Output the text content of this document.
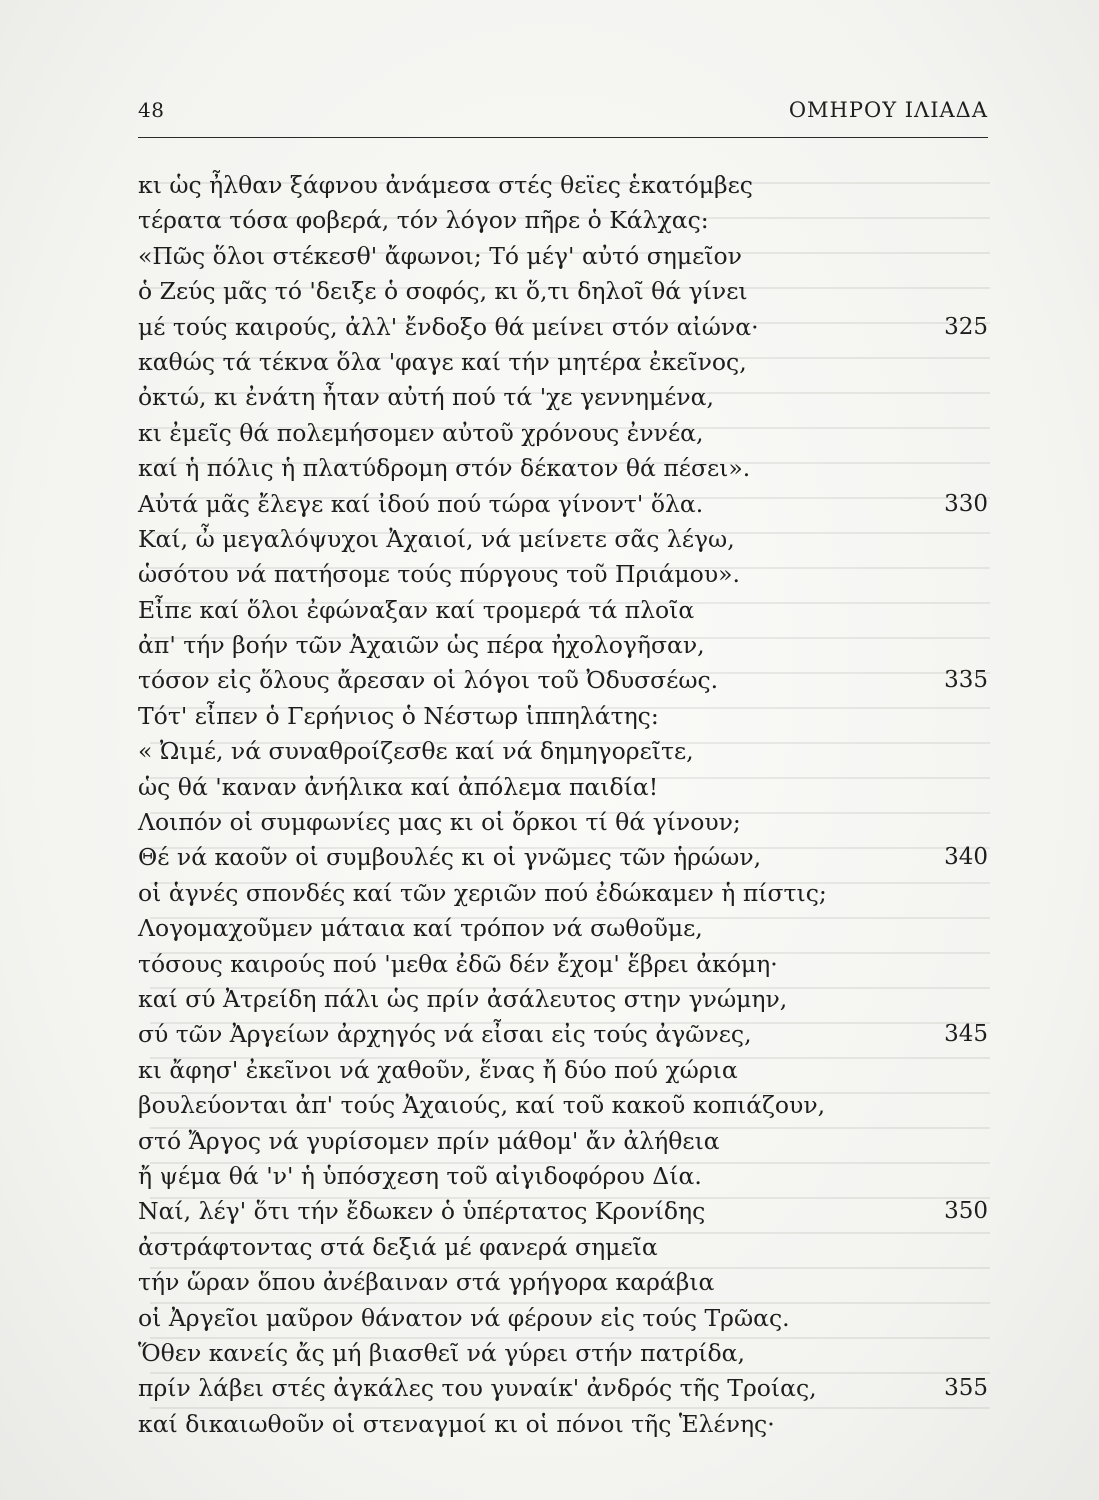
48	ΟΜΗΡΟΥ ΙΛΙΑΔΑ
κι ὡς ἦλθαν ξάφνου ἀνάμεσα στές θεϊες ἑκατόμβες
τέρατα τόσα φοβερά, τόν λόγον πῆρε ὁ Κάλχας:
«Πῶς ὅλοι στέκεσθ' ἄφωνοι; Τό μέγ' αὐτό σημεῖον
ὁ Ζεύς μᾶς τό 'δειξε ὁ σοφός, κι ὅ,τι δηλοῖ θά γίνει
μέ τούς καιρούς, ἀλλ' ἔνδοξο θά μείνει στόν αἰώνα·	325
καθώς τά τέκνα ὅλα 'φαγε καί τήν μητέρα ἐκεῖνος,
ὀκτώ, κι ἐνάτη ἦταν αὐτή πού τά 'χε γεννημένα,
κι ἐμεῖς θά πολεμήσομεν αὐτοῦ χρόνους ἐννέα,
καί ἡ πόλις ἡ πλατύδρομη στόν δέκατον θά πέσει».
Αὐτά μᾶς ἔλεγε καί ἰδού πού τώρα γίνοντ' ὅλα.	330
Καί, ὦ μεγαλόψυχοι Ἀχαιοί, νά μείνετε σᾶς λέγω,
ὡσότου νά πατήσομε τούς πύργους τοῦ Πριάμου».
Εἶπε καί ὅλοι ἐφώναξαν καί τρομερά τά πλοῖα
ἀπ' τήν βοήν τῶν Ἀχαιῶν ὡς πέρα ἠχολογῆσαν,
τόσον εἰς ὅλους ἄρεσαν οἱ λόγοι τοῦ Ὀδυσσέως.	335
Τότ' εἶπεν ὁ Γερήνιος ὁ Νέστωρ ἱππηλάτης:
« Ὠιμέ, νά συναθροίζεσθε καί νά δημηγορεῖτε,
ὡς θά 'καναν ἀνήλικα καί ἀπόλεμα παιδία!
Λοιπόν οἱ συμφωνίες μας κι οἱ ὅρκοι τί θά γίνουν;
Θέ νά καοῦν οἱ συμβουλές κι οἱ γνῶμες τῶν ἡρώων,	340
οἱ ἁγνές σπονδές καί τῶν χεριῶν πού ἐδώκαμεν ἡ πίστις;
Λογομαχοῦμεν μάταια καί τρόπον νά σωθοῦμε,
τόσους καιρούς πού 'μεθα ἐδῶ δέν ἔχομ' ἕβρει ἀκόμη·
καί σύ Ἀτρείδη πάλι ὡς πρίν ἀσάλευτος στην γνώμην,
σύ τῶν Ἀργείων ἀρχηγός νά εἶσαι εἰς τούς ἀγῶνες,	345
κι ἄφησ' ἐκεῖνοι νά χαθοῦν, ἕνας ἤ δύο πού χώρια
βουλεύονται ἀπ' τούς Ἀχαιούς, καί τοῦ κακοῦ κοπιάζουν,
στό Ἄργος νά γυρίσομεν πρίν μάθομ' ἄν ἀλήθεια
ἤ ψέμα θά 'ν' ἡ ὑπόσχεση τοῦ αἰγιδοφόρου Δία.
Ναί, λέγ' ὅτι τήν ἔδωκεν ὁ ὑπέρτατος Κρονίδης	350
ἀστράφτοντας στά δεξιά μέ φανερά σημεῖα
τήν ὥραν ὅπου ἀνέβαιναν στά γρήγορα καράβια
οἱ Ἀργεῖοι μαῦρον θάνατον νά φέρουν εἰς τούς Τρῶας.
Ὅθεν κανείς ἄς μή βιασθεῖ νά γύρει στήν πατρίδα,
πρίν λάβει στές ἀγκάλες του γυναίκ' ἀνδρός τῆς Τροίας,	355
καί δικαιωθοῦν οἱ στεναγμοί κι οἱ πόνοι τῆς Ἑλένης·
